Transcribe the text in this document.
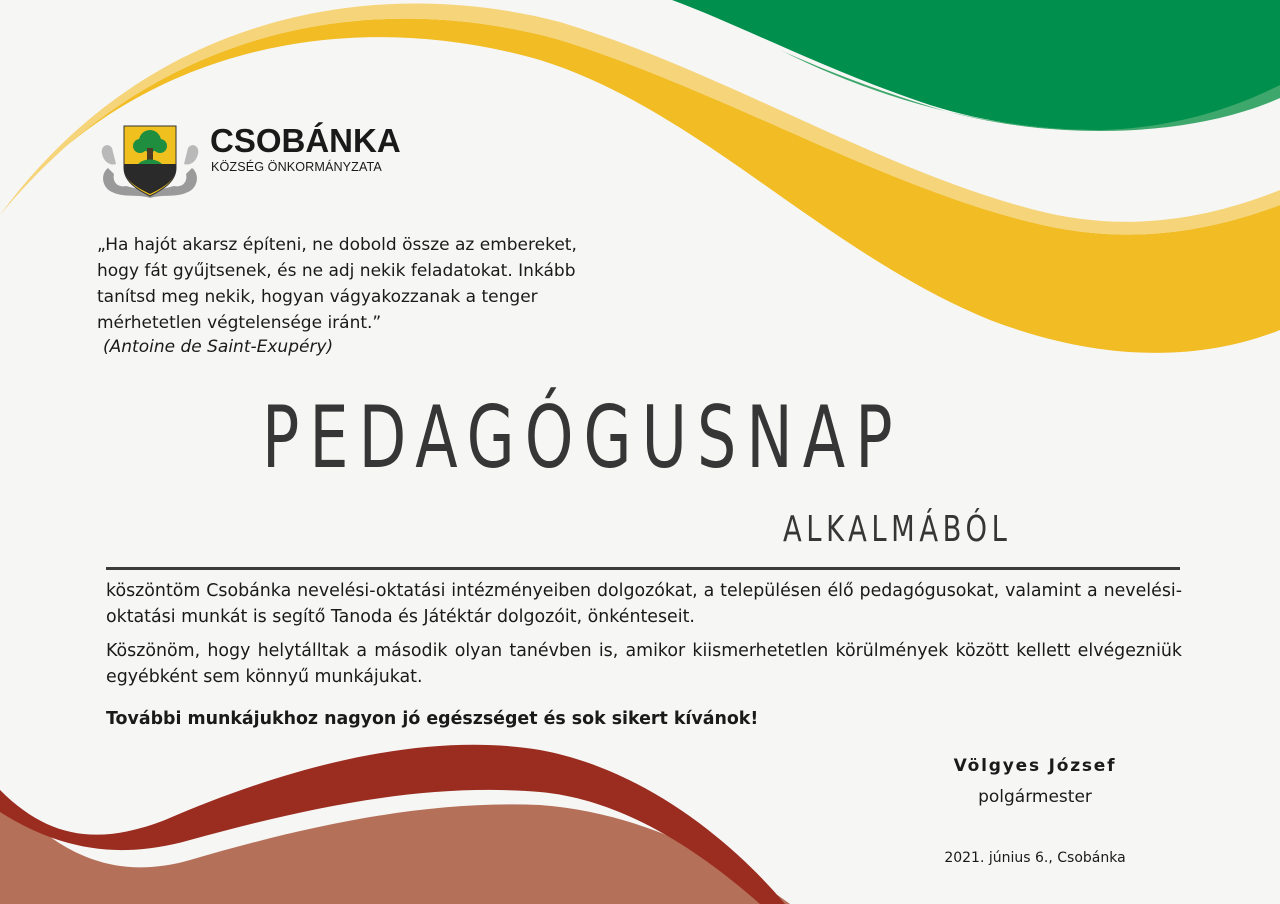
CSOBÁNKA
KÖZSÉG ÖNKORMÁNYZATA
„Ha hajót akarsz építeni, ne dobold össze az embereket,
hogy fát gyűjtsenek, és ne adj nekik feladatokat. Inkább
tanítsd meg nekik, hogyan vágyakozzanak a tenger
mérhetetlen végtelensége iránt.”
(Antoine de Saint-Exupéry)
PEDAGÓGUSNAP
ALKALMÁBÓL

köszöntöm Csobánka nevelési-oktatási intézményeiben dolgozókat, a településen élő pedagógusokat, valamint a nevelési-oktatási munkát is segítő Tanoda és Játéktár dolgozóit, önkénteseit.

Köszönöm, hogy helytálltak a második olyan tanévben is, amikor kiismerhetetlen körülmények között kellett elvégezniük egyébként sem könnyű munkájukat.

További munkájukhoz nagyon jó egészséget és sok sikert kívánok!

Völgyes József
polgármester
2021. június 6., Csobánka
